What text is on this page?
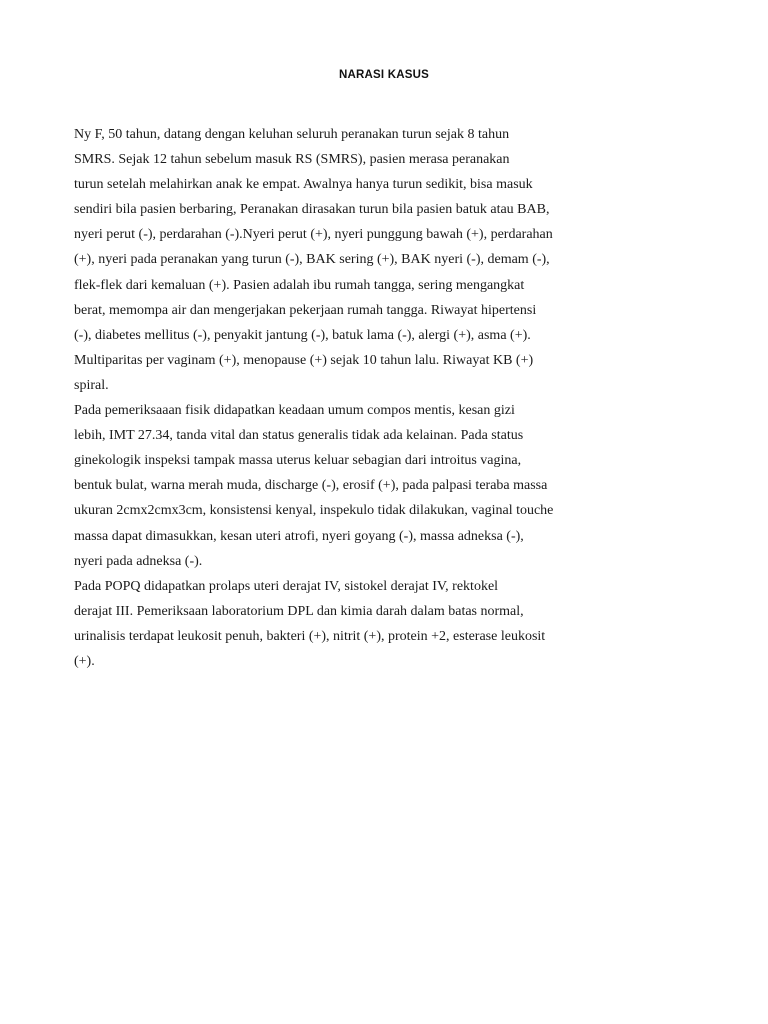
NARASI KASUS
Ny F, 50 tahun, datang dengan keluhan seluruh peranakan turun sejak 8 tahun
SMRS. Sejak 12 tahun sebelum masuk RS (SMRS), pasien merasa peranakan
turun setelah melahirkan anak ke empat. Awalnya hanya turun sedikit, bisa masuk
sendiri bila pasien berbaring, Peranakan dirasakan turun bila pasien batuk atau BAB,
nyeri perut (-), perdarahan (-).Nyeri perut (+), nyeri punggung bawah (+), perdarahan
(+), nyeri pada peranakan yang turun (-), BAK sering (+), BAK nyeri (-), demam (-),
flek-flek dari kemaluan (+). Pasien adalah ibu rumah tangga, sering mengangkat
berat, memompa air dan mengerjakan pekerjaan rumah tangga. Riwayat hipertensi
(-), diabetes mellitus (-), penyakit jantung (-), batuk lama (-), alergi (+), asma (+).
Multiparitas per vaginam (+), menopause (+) sejak 10 tahun lalu. Riwayat KB (+)
spiral.
Pada pemeriksaaan fisik didapatkan keadaan umum compos mentis, kesan gizi
lebih, IMT 27.34, tanda vital dan status generalis tidak ada kelainan. Pada status
ginekologik inspeksi tampak massa uterus keluar sebagian dari introitus vagina,
bentuk bulat, warna merah muda, discharge (-), erosif (+), pada palpasi teraba massa
ukuran 2cmx2cmx3cm, konsistensi kenyal, inspekulo tidak dilakukan, vaginal touche
massa dapat dimasukkan, kesan uteri atrofi, nyeri goyang (-), massa adneksa (-),
nyeri pada adneksa (-).
Pada POPQ didapatkan prolaps uteri derajat IV, sistokel derajat IV, rektokel
derajat III. Pemeriksaan laboratorium DPL dan kimia darah dalam batas normal,
urinalisis terdapat leukosit penuh, bakteri (+), nitrit (+), protein +2, esterase leukosit
(+).
